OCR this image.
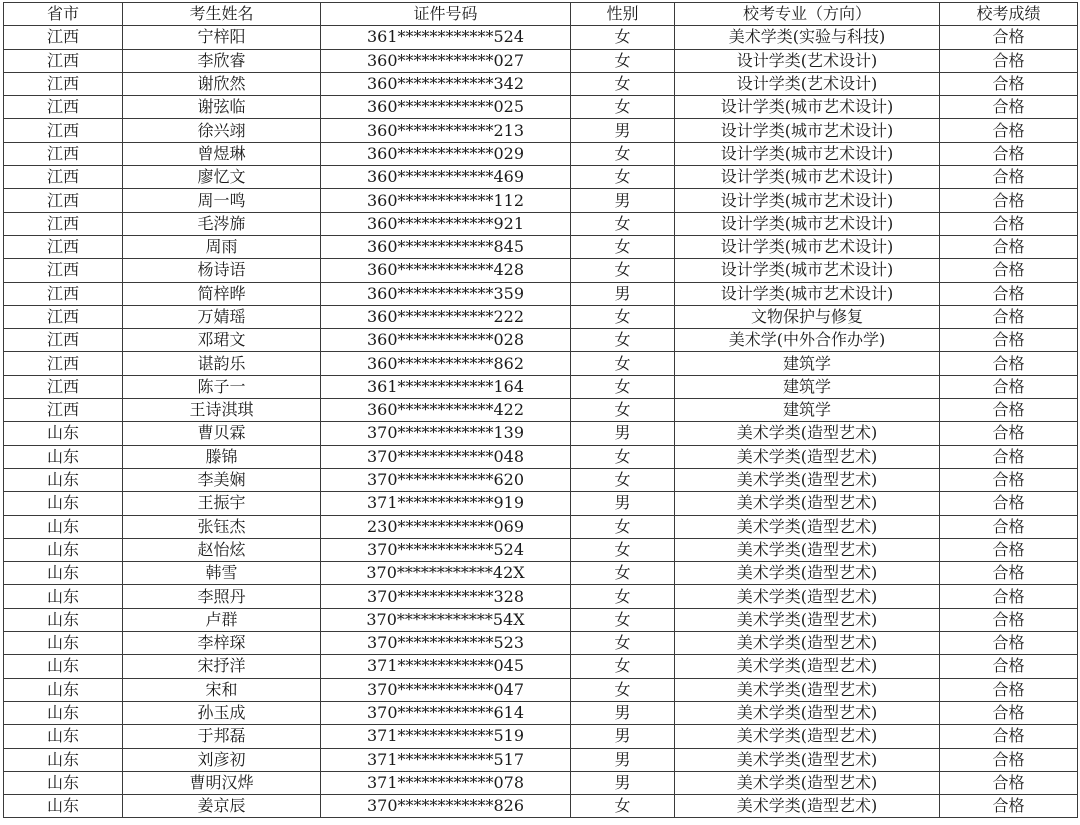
省市	考生姓名	证件号码	性别	校考专业（方向）	校考成绩
江西	宁梓阳	361************524	女	美术学类(实验与科技)	合格
江西	李欣睿	360************027	女	设计学类(艺术设计)	合格
江西	谢欣然	360************342	女	设计学类(艺术设计)	合格
江西	谢弦临	360************025	女	设计学类(城市艺术设计)	合格
江西	徐兴翊	360************213	男	设计学类(城市艺术设计)	合格
江西	曾煜琳	360************029	女	设计学类(城市艺术设计)	合格
江西	廖忆文	360************469	女	设计学类(城市艺术设计)	合格
江西	周一鸣	360************112	男	设计学类(城市艺术设计)	合格
江西	毛涔旆	360************921	女	设计学类(城市艺术设计)	合格
江西	周雨	360************845	女	设计学类(城市艺术设计)	合格
江西	杨诗语	360************428	女	设计学类(城市艺术设计)	合格
江西	简梓晔	360************359	男	设计学类(城市艺术设计)	合格
江西	万婧瑶	360************222	女	文物保护与修复	合格
江西	邓珺文	360************028	女	美术学(中外合作办学)	合格
江西	谌韵乐	360************862	女	建筑学	合格
江西	陈子一	361************164	女	建筑学	合格
江西	王诗淇琪	360************422	女	建筑学	合格
山东	曹贝霖	370************139	男	美术学类(造型艺术)	合格
山东	滕锦	370************048	女	美术学类(造型艺术)	合格
山东	李美娴	370************620	女	美术学类(造型艺术)	合格
山东	王振宇	371************919	男	美术学类(造型艺术)	合格
山东	张钰杰	230************069	女	美术学类(造型艺术)	合格
山东	赵怡炫	370************524	女	美术学类(造型艺术)	合格
山东	韩雪	370************42X	女	美术学类(造型艺术)	合格
山东	李照丹	370************328	女	美术学类(造型艺术)	合格
山东	卢群	370************54X	女	美术学类(造型艺术)	合格
山东	李梓琛	370************523	女	美术学类(造型艺术)	合格
山东	宋抒洋	371************045	女	美术学类(造型艺术)	合格
山东	宋和	370************047	女	美术学类(造型艺术)	合格
山东	孙玉成	370************614	男	美术学类(造型艺术)	合格
山东	于邦磊	371************519	男	美术学类(造型艺术)	合格
山东	刘彦初	371************517	男	美术学类(造型艺术)	合格
山东	曹明汉烨	371************078	男	美术学类(造型艺术)	合格
山东	姜京辰	370************826	女	美术学类(造型艺术)	合格
